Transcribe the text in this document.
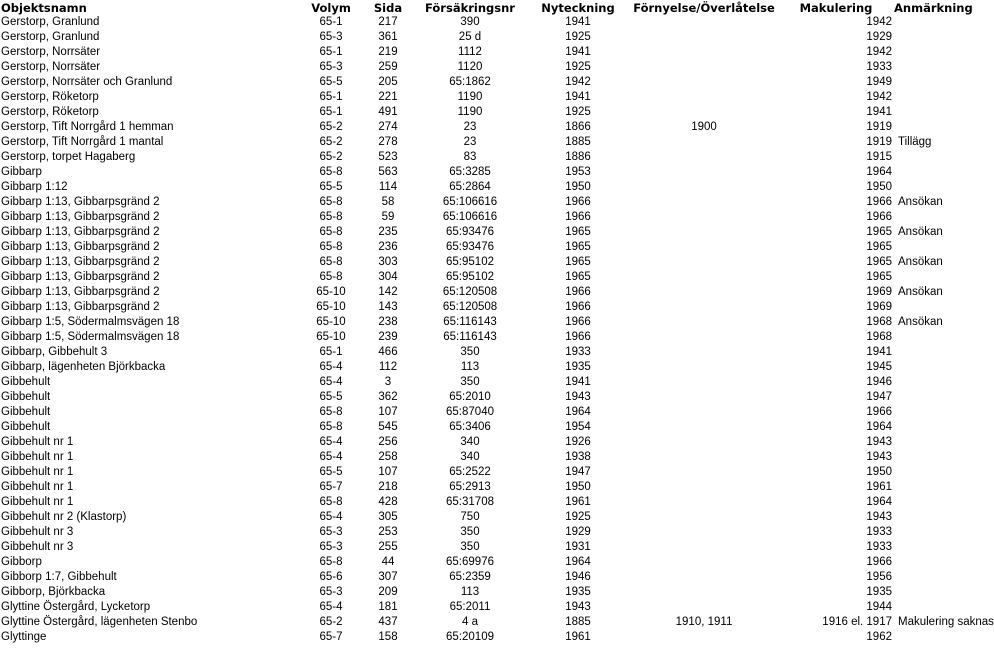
Objektsnamn	Volym	Sida	Försäkringsnr	Nyteckning	Förnyelse/Överlåtelse	Makulering	Anmärkning
Gerstorp, Granlund	65-1	217	390	1941		1942	
Gerstorp, Granlund	65-3	361	25 d	1925		1929	
Gerstorp, Norrsäter	65-1	219	1112	1941		1942	
Gerstorp, Norrsäter	65-3	259	1120	1925		1933	
Gerstorp, Norrsäter och Granlund	65-5	205	65:1862	1942		1949	
Gerstorp, Röketorp	65-1	221	1190	1941		1942	
Gerstorp, Röketorp	65-1	491	1190	1925		1941	
Gerstorp, Tift Norrgård 1 hemman	65-2	274	23	1866	1900	1919	
Gerstorp, Tift Norrgård 1 mantal	65-2	278	23	1885		1919	Tillägg
Gerstorp, torpet Hagaberg	65-2	523	83	1886		1915	
Gibbarp	65-8	563	65:3285	1953		1964	
Gibbarp 1:12	65-5	114	65:2864	1950		1950	
Gibbarp 1:13, Gibbarpsgränd 2	65-8	58	65:106616	1966		1966	Ansökan
Gibbarp 1:13, Gibbarpsgränd 2	65-8	59	65:106616	1966		1966	
Gibbarp 1:13, Gibbarpsgränd 2	65-8	235	65:93476	1965		1965	Ansökan
Gibbarp 1:13, Gibbarpsgränd 2	65-8	236	65:93476	1965		1965	
Gibbarp 1:13, Gibbarpsgränd 2	65-8	303	65:95102	1965		1965	Ansökan
Gibbarp 1:13, Gibbarpsgränd 2	65-8	304	65:95102	1965		1965	
Gibbarp 1:13, Gibbarpsgränd 2	65-10	142	65:120508	1966		1969	Ansökan
Gibbarp 1:13, Gibbarpsgränd 2	65-10	143	65:120508	1966		1969	
Gibbarp 1:5, Södermalmsvägen 18	65-10	238	65:116143	1966		1968	Ansökan
Gibbarp 1:5, Södermalmsvägen 18	65-10	239	65:116143	1966		1968	
Gibbarp, Gibbehult 3	65-1	466	350	1933		1941	
Gibbarp, lägenheten Björkbacka	65-4	112	113	1935		1945	
Gibbehult	65-4	3	350	1941		1946	
Gibbehult	65-5	362	65:2010	1943		1947	
Gibbehult	65-8	107	65:87040	1964		1966	
Gibbehult	65-8	545	65:3406	1954		1964	
Gibbehult nr 1	65-4	256	340	1926		1943	
Gibbehult nr 1	65-4	258	340	1938		1943	
Gibbehult nr 1	65-5	107	65:2522	1947		1950	
Gibbehult nr 1	65-7	218	65:2913	1950		1961	
Gibbehult nr 1	65-8	428	65:31708	1961		1964	
Gibbehult nr 2 (Klastorp)	65-4	305	750	1925		1943	
Gibbehult nr 3	65-3	253	350	1929		1933	
Gibbehult nr 3	65-3	255	350	1931		1933	
Gibborp	65-8	44	65:69976	1964		1966	
Gibborp 1:7, Gibbehult	65-6	307	65:2359	1946		1956	
Gibborp, Björkbacka	65-3	209	113	1935		1935	
Glyttine Östergård, Lycketorp	65-4	181	65:2011	1943		1944	
Glyttine Östergård, lägenheten Stenbo	65-2	437	4 a	1885	1910, 1911	1916 el. 1917	Makulering saknas
Glyttinge	65-7	158	65:20109	1961		1962	
